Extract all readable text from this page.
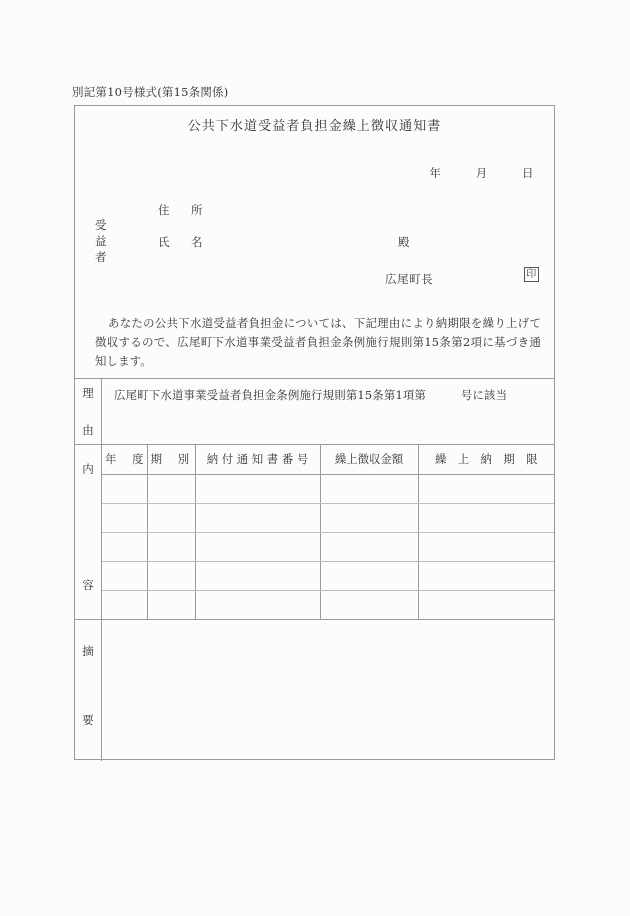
別記第10号様式(第15条関係)
公共下水道受益者負担金繰上徴収通知書
年	月	日
受益者
住　所
氏　名	殿
広尾町長	印
あなたの公共下水道受益者負担金については、下記理由により納期限を繰り上げて徴収するので、広尾町下水道事業受益者負担金条例施行規則第15条第2項に基づき通知します。
理
由
広尾町下水道事業受益者負担金条例施行規則第15条第1項第　　　号に該当
内
容
年　度	期　別	納 付 通 知 書 番 号	繰上徴収金額	繰　上　納　期　限

摘
要
